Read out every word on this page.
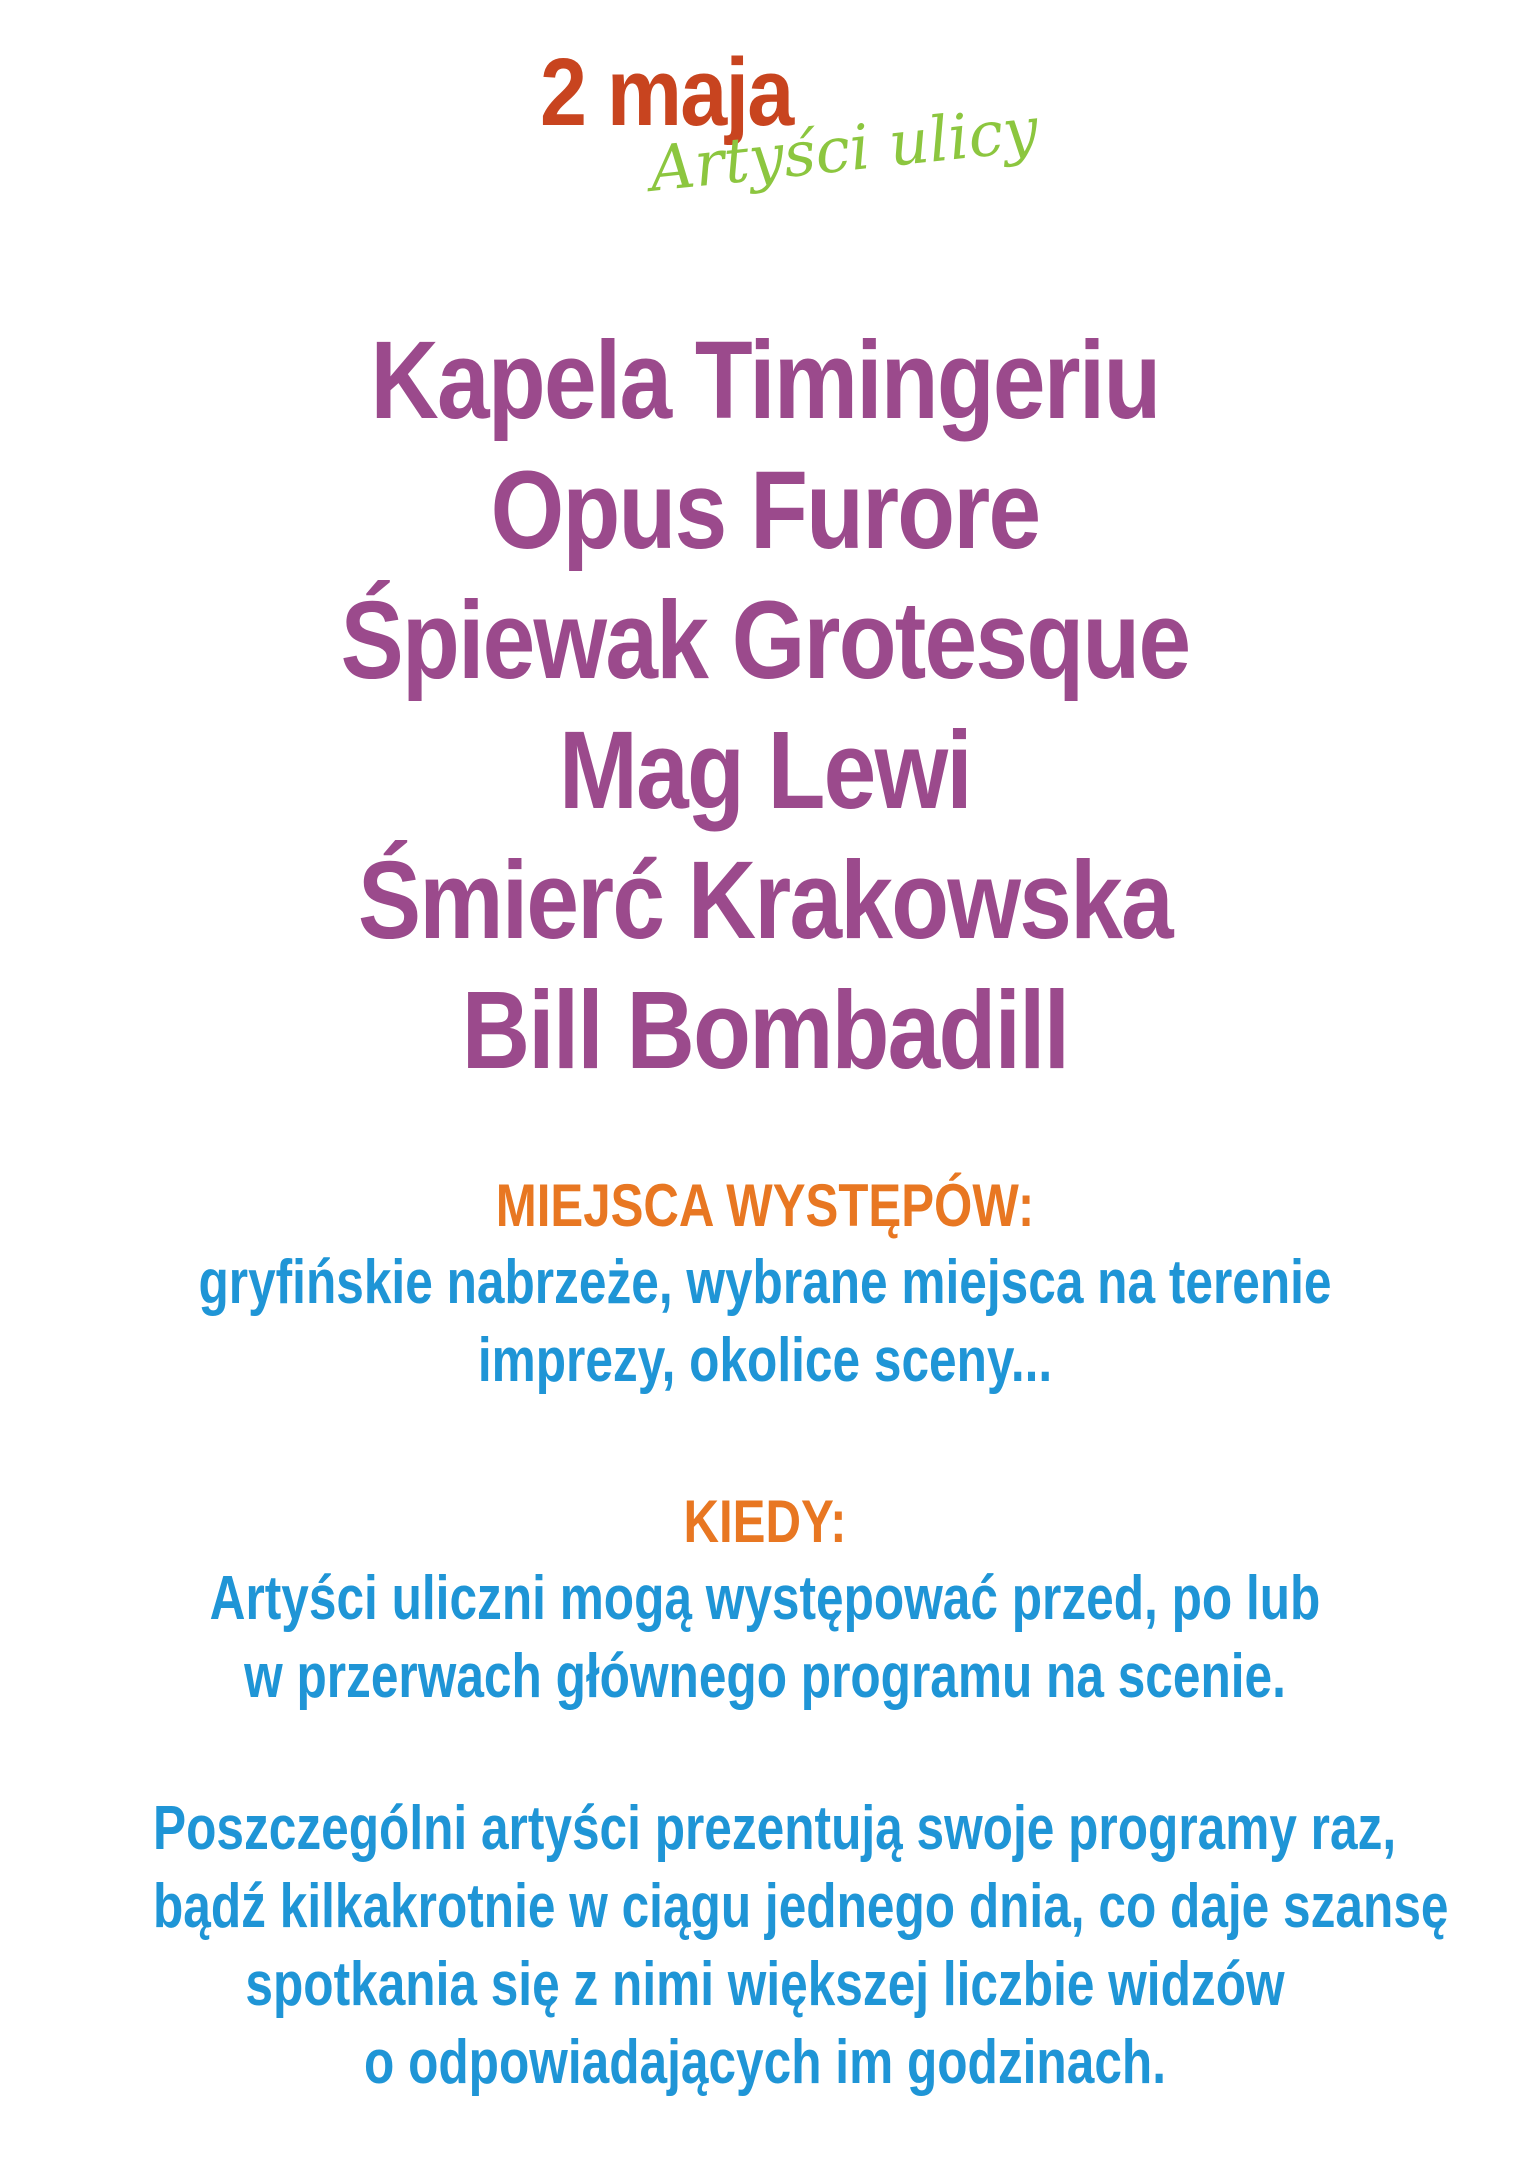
2 maja
Artyści ulicy
Kapela Timingeriu
Opus Furore
Śpiewak Grotesque
Mag Lewi
Śmierć Krakowska
Bill Bombadill
MIEJSCA WYSTĘPÓW:
gryfińskie nabrzeże, wybrane miejsca na terenie
imprezy, okolice sceny...
KIEDY:
Artyści uliczni mogą występować przed, po lub
w przerwach głównego programu na scenie.
Poszczególni artyści prezentują swoje programy raz,
bądź kilkakrotnie w ciągu jednego dnia, co daje szansę
spotkania się z nimi większej liczbie widzów
o odpowiadających im godzinach.
